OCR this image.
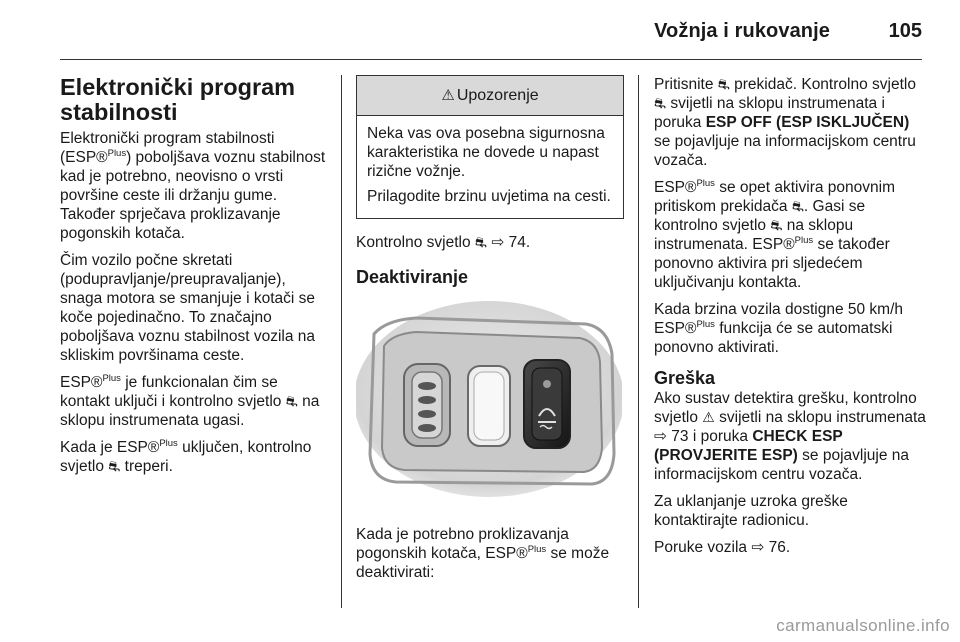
Vožnja i rukovanje	105
Elektronički program stabilnosti

Elektronički program stabilnosti (ESP®$^{Plus}$) poboljšava voznu stabilnost kad je potrebno, neovisno o vrsti površine ceste ili držanju gume. Također sprječava proklizavanje pogonskih kotača.

Čim vozilo počne skretati (podupravljanje/preupravaljanje), snaga motora se smanjuje i kotači se koče pojedinačno. To značajno poboljšava voznu stabilnost vozila na skliskim površinama ceste.

ESP®$^{Plus}$ je funkcionalan čim se kontakt uključi i kontrolno svjetlo ⛐ na sklopu instrumenata ugasi.

Kada je ESP®$^{Plus}$ uključen, kontrolno svjetlo ⛐ treperi.

⚠ Upozorenje

Neka vas ova posebna sigurnosna karakteristika ne dovede u napast rizične vožnje.

Prilagodite brzinu uvjetima na cesti.

Kontrolno svjetlo ⛐ ⇨ 74.

Deaktiviranje

Kada je potrebno proklizavanja pogonskih kotača, ESP®$^{Plus}$ se može deaktivirati:

Pritisnite ⛐ prekidač. Kontrolno svjetlo ⛐ svijetli na sklopu instrumenata i poruka ESP OFF (ESP ISKLJUČEN) se pojavljuje na informacijskom centru vozača.

ESP®$^{Plus}$ se opet aktivira ponovnim pritiskom prekidača ⛐. Gasi se kontrolno svjetlo ⛐ na sklopu instrumenata. ESP®$^{Plus}$ se također ponovno aktivira pri sljedećem uključivanju kontakta.

Kada brzina vozila dostigne 50 km/h ESP®$^{Plus}$ funkcija će se automatski ponovno aktivirati.

Greška

Ako sustav detektira grešku, kontrolno svjetlo ⚠ svijetli na sklopu instrumenata ⇨ 73 i poruka CHECK ESP (PROVJERITE ESP) se pojavljuje na informacijskom centru vozača.

Za uklanjanje uzroka greške kontaktirajte radionicu.

Poruke vozila ⇨ 76.

carmanualsonline.info
